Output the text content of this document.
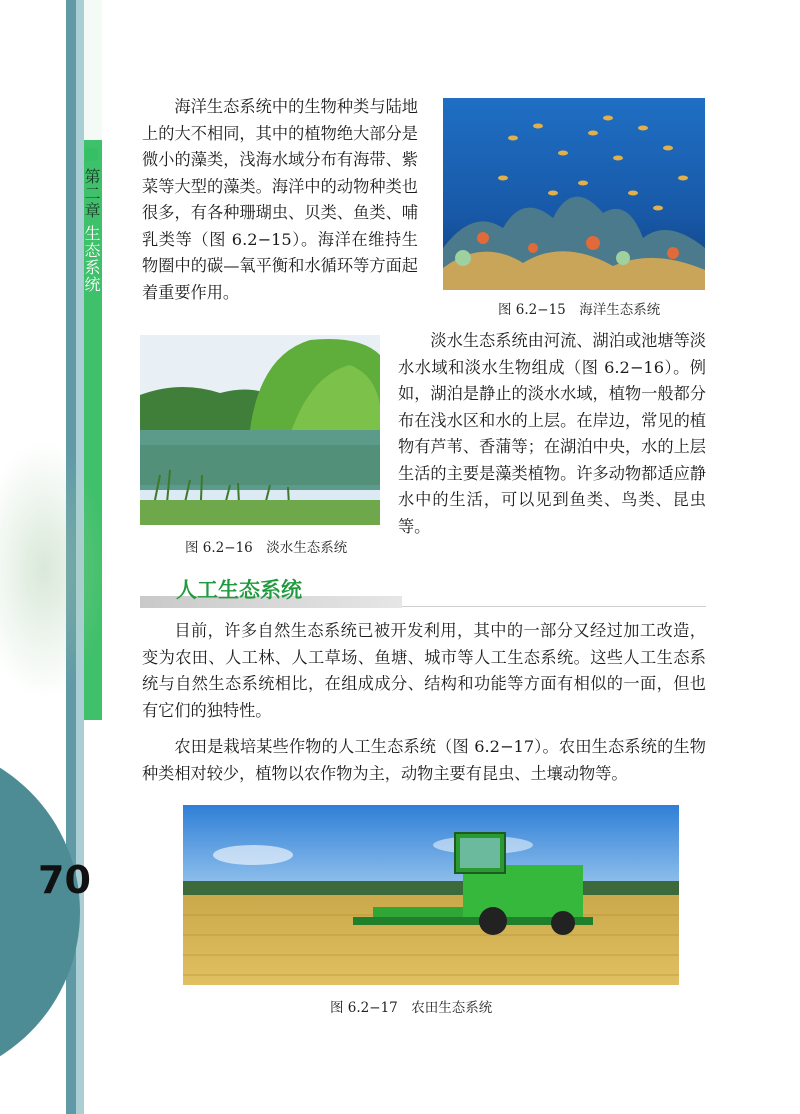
第二章 生态系统
70

海洋生态系统中的生物种类与陆地上的大不相同，其中的植物绝大部分是微小的藻类，浅海水域分布有海带、紫菜等大型的藻类。海洋中的动物种类也很多，有各种珊瑚虫、贝类、鱼类、哺乳类等（图 6.2−15）。海洋在维持生物圈中的碳—氧平衡和水循环等方面起着重要作用。

图 6.2−15　海洋生态系统
图 6.2−16　淡水生态系统

淡水生态系统由河流、湖泊或池塘等淡水水域和淡水生物组成（图 6.2−16）。例如，湖泊是静止的淡水水域，植物一般都分布在浅水区和水的上层。在岸边，常见的植物有芦苇、香蒲等；在湖泊中央，水的上层生活的主要是藻类植物。许多动物都适应静水中的生活，可以见到鱼类、鸟类、昆虫等。

人工生态系统

目前，许多自然生态系统已被开发利用，其中的一部分又经过加工改造，变为农田、人工林、人工草场、鱼塘、城市等人工生态系统。这些人工生态系统与自然生态系统相比，在组成成分、结构和功能等方面有相似的一面，但也有它们的独特性。

农田是栽培某些作物的人工生态系统（图 6.2−17）。农田生态系统的生物种类相对较少，植物以农作物为主，动物主要有昆虫、土壤动物等。

图 6.2−17　农田生态系统
